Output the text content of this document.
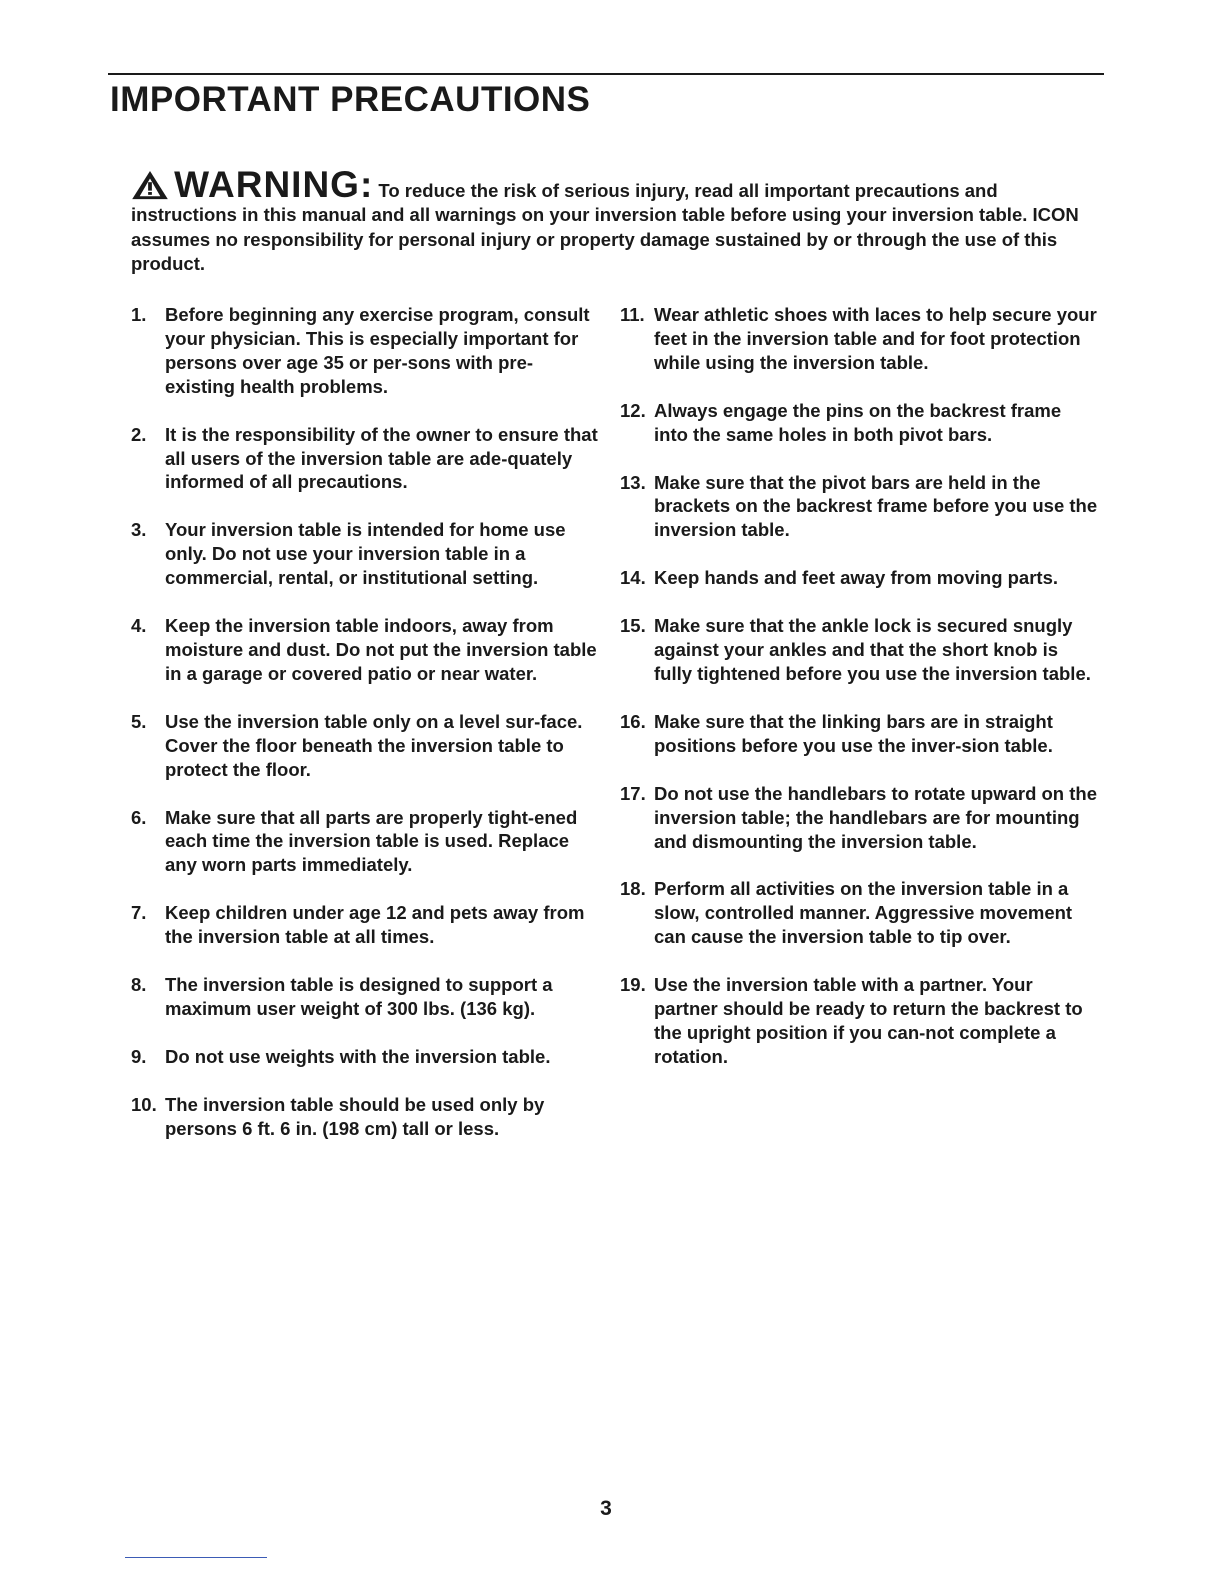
IMPORTANT PRECAUTIONS
WARNING: To reduce the risk of serious injury, read all important precautions and instructions in this manual and all warnings on your inversion table before using your inversion table. ICON assumes no responsibility for personal injury or property damage sustained by or through the use of this product.
1.	Before beginning any exercise program, consult your physician. This is especially important for persons over age 35 or per-sons with pre-existing health problems.
2.	It is the responsibility of the owner to ensure that all users of the inversion table are ade-quately informed of all precautions.
3.	Your inversion table is intended for home use only. Do not use your inversion table in a commercial, rental, or institutional setting.
4.	Keep the inversion table indoors, away from moisture and dust. Do not put the inversion table in a garage or covered patio or near water.
5.	Use the inversion table only on a level sur-face. Cover the floor beneath the inversion table to protect the floor.
6.	Make sure that all parts are properly tight-ened each time the inversion table is used. Replace any worn parts immediately.
7.	Keep children under age 12 and pets away from the inversion table at all times.
8.	The inversion table is designed to support a maximum user weight of 300 lbs. (136 kg).
9.	Do not use weights with the inversion table.
10. The inversion table should be used only by persons 6 ft. 6 in. (198 cm) tall or less.
11. Wear athletic shoes with laces to help secure your feet in the inversion table and for foot protection while using the inversion table.
12. Always engage the pins on the backrest frame into the same holes in both pivot bars.
13. Make sure that the pivot bars are held in the brackets on the backrest frame before you use the inversion table.
14. Keep hands and feet away from moving parts.
15. Make sure that the ankle lock is secured snugly against your ankles and that the short knob is fully tightened before you use the inversion table.
16. Make sure that the linking bars are in straight positions before you use the inver-sion table.
17. Do not use the handlebars to rotate upward on the inversion table; the handlebars are for mounting and dismounting the inversion table.
18. Perform all activities on the inversion table in a slow, controlled manner. Aggressive movement can cause the inversion table to tip over.
19. Use the inversion table with a partner. Your partner should be ready to return the backrest to the upright position if you can-not complete a rotation.
3
